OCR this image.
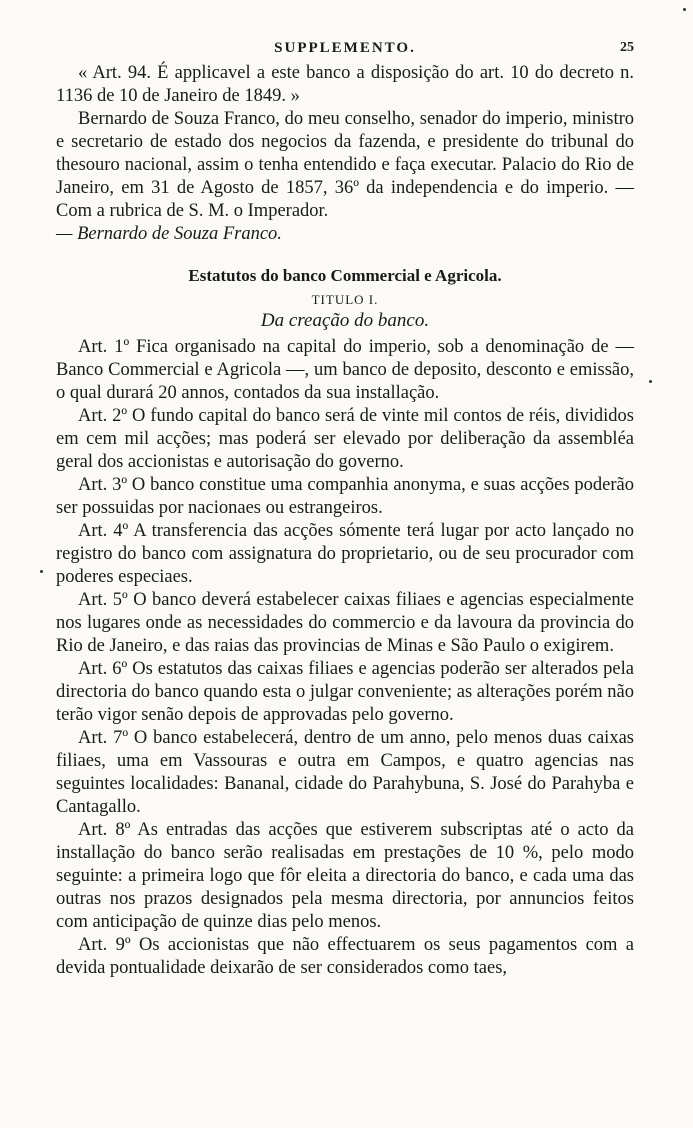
SUPPLEMENTO.	25

« Art. 94. É applicavel a este banco a disposição do art. 10 do decreto n. 1136 de 10 de Janeiro de 1849. »

Bernardo de Souza Franco, do meu conselho, senador do imperio, ministro e secretario de estado dos negocios da fazenda, e presidente do tribunal do thesouro nacional, assim o tenha entendido e faça executar. Palacio do Rio de Janeiro, em 31 de Agosto de 1857, 36º da independencia e do imperio. — Com a rubrica de S. M. o Imperador.

— Bernardo de Souza Franco.

Estatutos do banco Commercial e Agricola.
TITULO I.
Da creação do banco.

Art. 1º Fica organisado na capital do imperio, sob a denominação de — Banco Commercial e Agricola —, um banco de deposito, desconto e emissão, o qual durará 20 annos, contados da sua installação.

Art. 2º O fundo capital do banco será de vinte mil contos de réis, divididos em cem mil acções; mas poderá ser elevado por deliberação da assembléa geral dos accionistas e autorisação do governo.

Art. 3º O banco constitue uma companhia anonyma, e suas acções poderão ser possuidas por nacionaes ou estrangeiros.

Art. 4º A transferencia das acções sómente terá lugar por acto lançado no registro do banco com assignatura do proprietario, ou de seu procurador com poderes especiaes.

Art. 5º O banco deverá estabelecer caixas filiaes e agencias especialmente nos lugares onde as necessidades do commercio e da lavoura da provincia do Rio de Janeiro, e das raias das provincias de Minas e São Paulo o exigirem.

Art. 6º Os estatutos das caixas filiaes e agencias poderão ser alterados pela directoria do banco quando esta o julgar conveniente; as alterações porém não terão vigor senão depois de approvadas pelo governo.

Art. 7º O banco estabelecerá, dentro de um anno, pelo menos duas caixas filiaes, uma em Vassouras e outra em Campos, e quatro agencias nas seguintes localidades: Bananal, cidade do Parahybuna, S. José do Parahyba e Cantagallo.

Art. 8º As entradas das acções que estiverem subscriptas até o acto da installação do banco serão realisadas em prestações de 10 %, pelo modo seguinte: a primeira logo que fôr eleita a directoria do banco, e cada uma das outras nos prazos designados pela mesma directoria, por annuncios feitos com anticipação de quinze dias pelo menos.

Art. 9º Os accionistas que não effectuarem os seus pagamentos com a devida pontualidade deixarão de ser considerados como taes,
